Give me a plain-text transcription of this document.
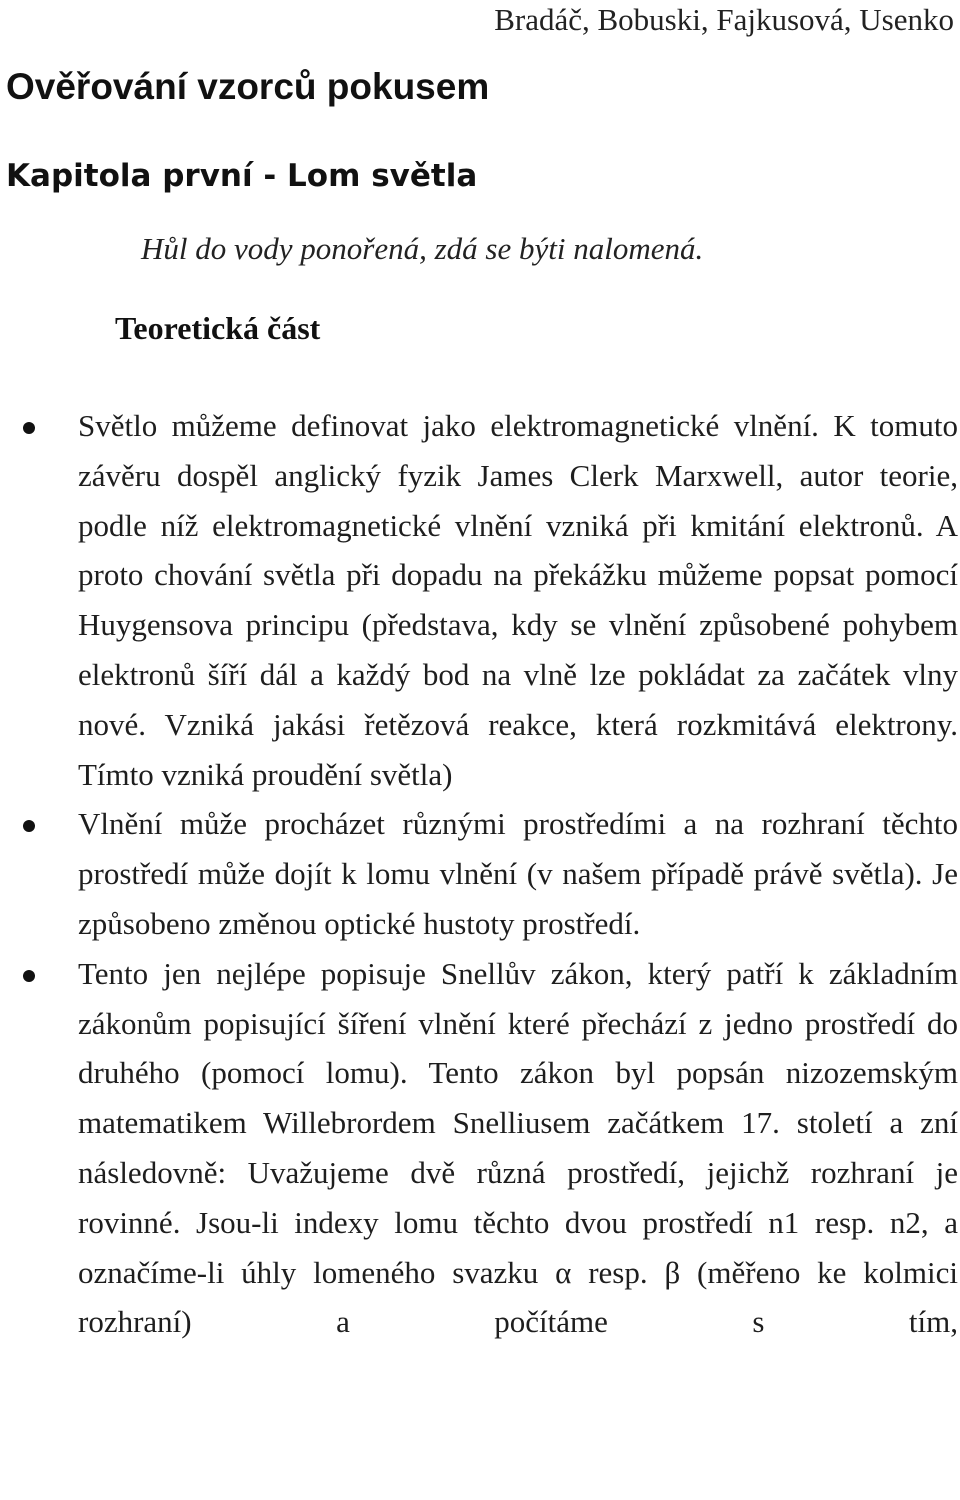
Bradáč, Bobuski, Fajkusová, Usenko
Ověřování vzorců pokusem
Kapitola první - Lom světla
Hůl do vody ponořená, zdá se býti nalomená.
Teoretická část
Světlo můžeme definovat jako elektromagnetické vlnění. K tomuto závěru dospěl anglický fyzik James Clerk Marxwell, autor teorie, podle níž elektromagnetické vlnění vzniká při kmitání elektronů. A proto chování světla při dopadu na překážku můžeme popsat pomocí Huygensova principu (představa, kdy se vlnění způsobené pohybem elektronů šíří dál a každý bod na vlně lze pokládat za začátek vlny nové. Vzniká jakási řetězová reakce, která rozkmitává elektrony. Tímto vzniká proudění světla)
Vlnění může procházet různými prostředími a na rozhraní těchto prostředí může dojít k lomu vlnění (v našem případě právě světla). Je způsobeno změnou optické hustoty prostředí.
Tento jen nejlépe popisuje Snellův zákon, který patří k základním zákonům popisující šíření vlnění které přechází z jedno prostředí do druhého (pomocí lomu). Tento zákon byl popsán nizozemským matematikem Willebrordem Snelliusem začátkem 17. století a zní následovně: Uvažujeme dvě různá prostředí, jejichž rozhraní je rovinné. Jsou-li indexy lomu těchto dvou prostředí n1 resp. n2, a označíme-li úhly lomeného svazku α resp. β (měřeno ke kolmici rozhraní) a počítáme s tím,
